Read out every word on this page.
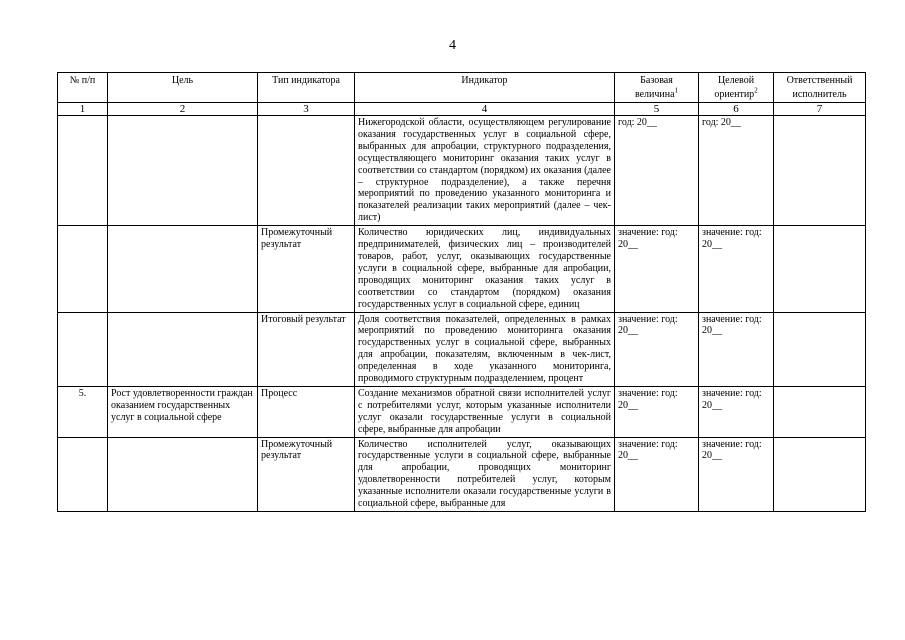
4
№ п/п	Цель	Тип индикатора	Индикатор	Базовая величина$^1$	Целевой ориентир$^2$	Ответственный исполнитель
1	2	3	4	5	6	7
			Нижегородской области, осуществляющем регулирование оказания государственных услуг в социальной сфере, выбранных для апробации, структурного подразделения, осуществляющего мониторинг оказания таких услуг в соответствии со стандартом (порядком) их оказания (далее – структурное подразделение), а также перечня мероприятий по проведению указанного мониторинга и показателей реализации таких мероприятий (далее – чек-лист)	год: 20__	год: 20__	
		Промежуточный результат	Количество юридических лиц, индивидуальных предпринимателей, физических лиц – производителей товаров, работ, услуг, оказывающих государственные услуги в социальной сфере, выбранные для апробации, проводящих мониторинг оказания таких услуг в соответствии со стандартом (порядком) оказания государственных услуг в социальной сфере, единиц	значение: год: 20__	значение: год: 20__	
		Итоговый результат	Доля соответствия показателей, определенных в рамках мероприятий по проведению мониторинга оказания государственных услуг в социальной сфере, выбранных для апробации, показателям, включенным в чек-лист, определенная в ходе указанного мониторинга, проводимого структурным подразделением, процент	значение: год: 20__	значение: год: 20__	
5.	Рост удовлетворенности граждан оказанием государственных услуг в социальной сфере	Процесс	Создание механизмов обратной связи исполнителей услуг с потребителями услуг, которым указанные исполнители услуг оказали государственные услуги в социальной сфере, выбранные для апробации	значение: год: 20__	значение: год: 20__	
		Промежуточный результат	Количество исполнителей услуг, оказывающих государственные услуги в социальной сфере, выбранные для апробации, проводящих мониторинг удовлетворенности потребителей услуг, которым указанные исполнители оказали государственные услуги в социальной сфере, выбранные для	значение: год: 20__	значение: год: 20__	
